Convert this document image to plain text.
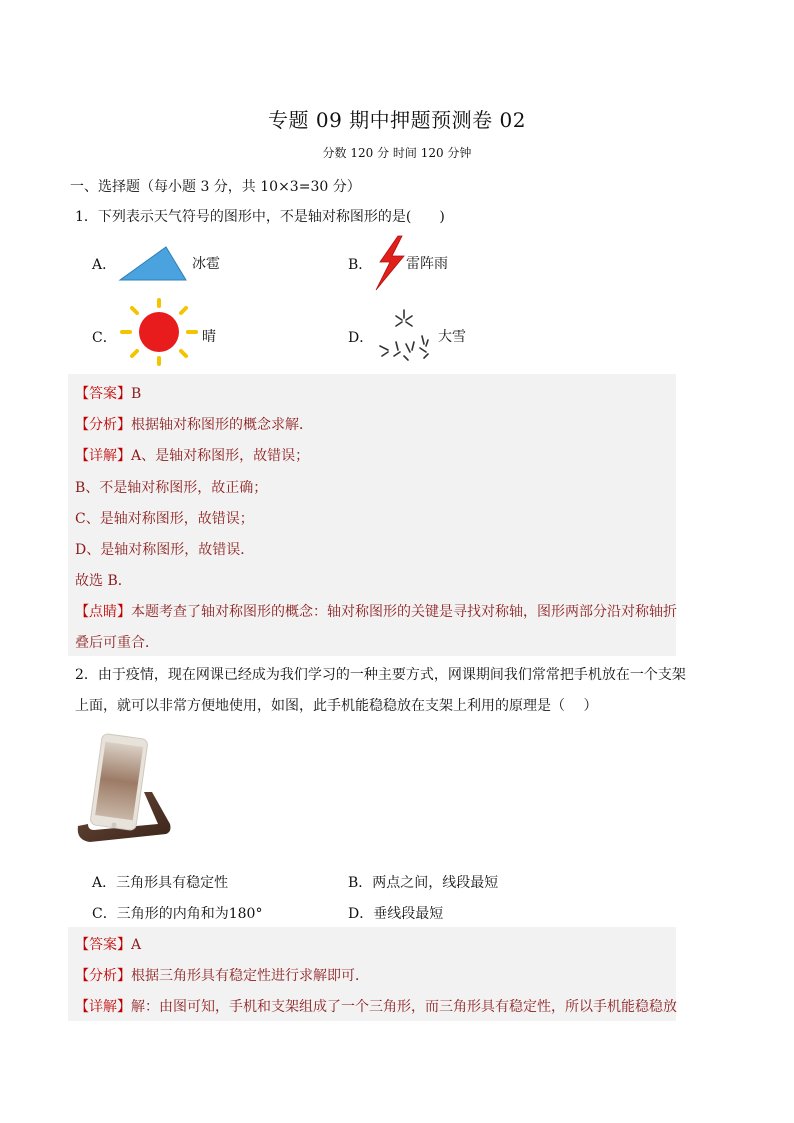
专题 09 期中押题预测卷 02
分数 120 分 时间 120 分钟
一、选择题（每小题 3 分，共 10×3=30 分）
1．下列表示天气符号的图形中，不是轴对称图形的是(　　)
A．	冰雹	B． 雷阵雨
C．	晴	D．	大雪
【答案】B
【分析】根据轴对称图形的概念求解．
【详解】A、是轴对称图形，故错误；
B、不是轴对称图形，故正确；
C、是轴对称图形，故错误；
D、是轴对称图形，故错误．
故选 B．
【点睛】本题考查了轴对称图形的概念：轴对称图形的关键是寻找对称轴，图形两部分沿对称轴折
叠后可重合．
2．由于疫情，现在网课已经成为我们学习的一种主要方式，网课期间我们常常把手机放在一个支架
上面，就可以非常方便地使用，如图，此手机能稳稳放在支架上利用的原理是（　 ）
A．三角形具有稳定性	B．两点之间，线段最短
C．三角形的内角和为180°	D．垂线段最短
【答案】A
【分析】根据三角形具有稳定性进行求解即可．
【详解】解：由图可知，手机和支架组成了一个三角形，而三角形具有稳定性，所以手机能稳稳放
